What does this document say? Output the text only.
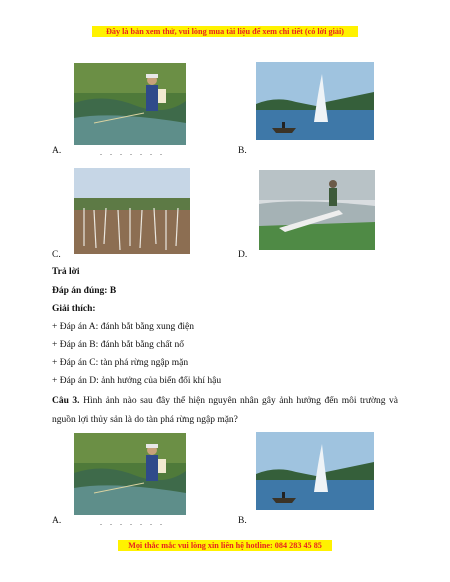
Đây là bản xem thử, vui lòng mua tài liệu để xem chi tiết (có lời giải)
A.	. . . . . . .	B.
C.	D.
Trả lời
Đáp án đúng: B
Giải thích:
+ Đáp án A: đánh bắt bằng xung điện
+ Đáp án B: đánh bắt bằng chất nổ
+ Đáp án C: tàn phá rừng ngập mặn
+ Đáp án D: ảnh hưởng của biến đổi khí hậu
Câu 3. Hình ảnh nào sau đây thể hiện nguyên nhân gây ảnh hưởng đến môi trường và nguồn lợi thủy sản là do tàn phá rừng ngập mặn?
A.	. . . . . . .	B.
Mọi thắc mắc vui lòng xin liên hệ hotline: 084 283 45 85
